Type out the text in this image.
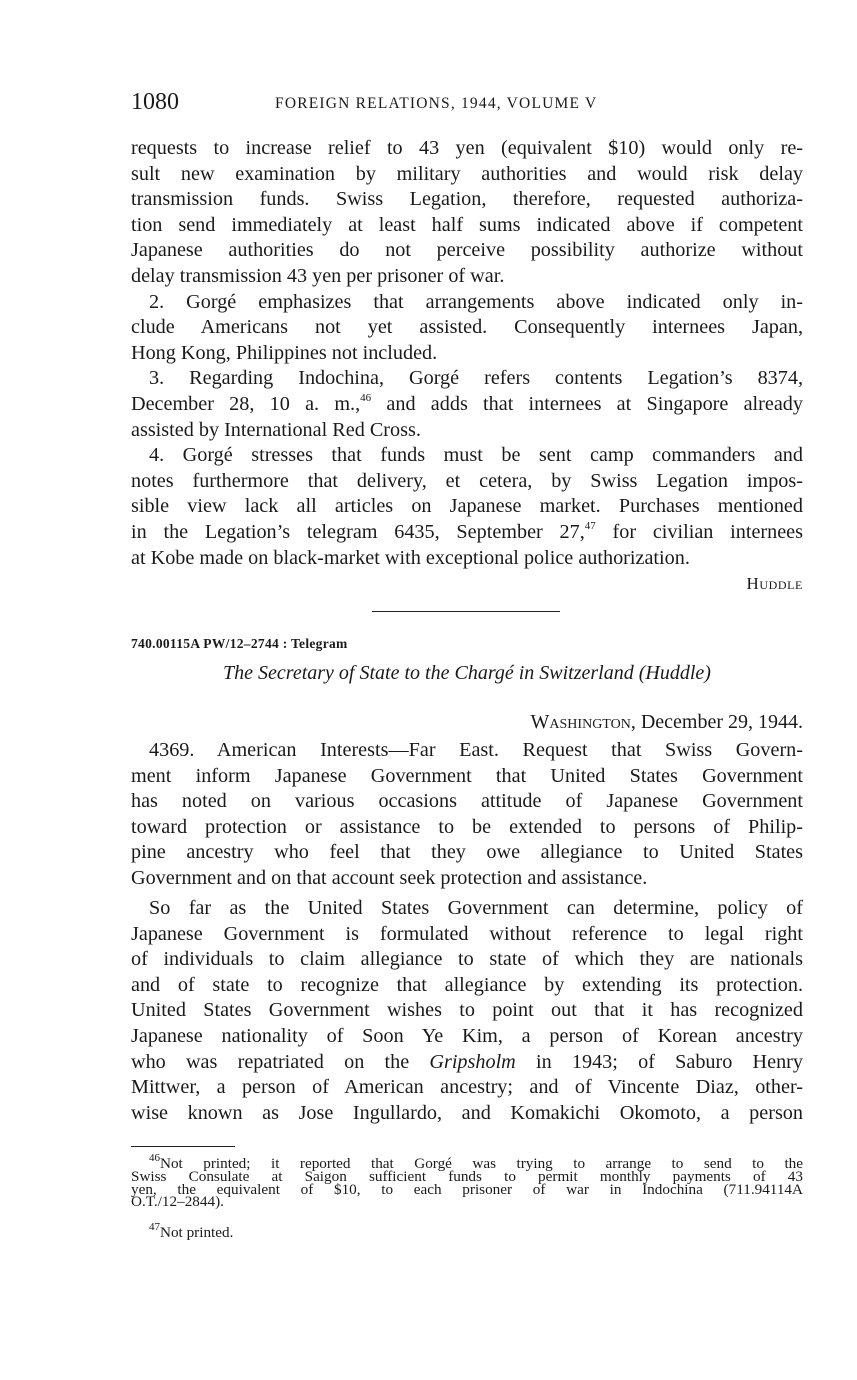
1080	FOREIGN RELATIONS, 1944, VOLUME V
requests to increase relief to 43 yen (equivalent $10) would only re-
sult new examination by military authorities and would risk delay
transmission funds. Swiss Legation, therefore, requested authoriza-
tion send immediately at least half sums indicated above if competent
Japanese authorities do not perceive possibility authorize without
delay transmission 43 yen per prisoner of war.
2. Gorgé emphasizes that arrangements above indicated only in-
clude Americans not yet assisted. Consequently internees Japan,
Hong Kong, Philippines not included.
3. Regarding Indochina, Gorgé refers contents Legation’s 8374,
December 28, 10 a. m.,$^{46}$ and adds that internees at Singapore already
assisted by International Red Cross.
4. Gorgé stresses that funds must be sent camp commanders and
notes furthermore that delivery, et cetera, by Swiss Legation impos-
sible view lack all articles on Japanese market. Purchases mentioned
in the Legation’s telegram 6435, September 27,47 for civilian internees
at Kobe made on black-market with exceptional police authorization.
Huddle
740.00115A PW/12–2744 : Telegram
The Secretary of State to the Chargé in Switzerland (Huddle)
Washington, December 29, 1944.
4369. American Interests—Far East. Request that Swiss Govern-
ment inform Japanese Government that United States Government
has noted on various occasions attitude of Japanese Government
toward protection or assistance to be extended to persons of Philip-
pine ancestry who feel that they owe allegiance to United States
Government and on that account seek protection and assistance.
So far as the United States Government can determine, policy of
Japanese Government is formulated without reference to legal right
of individuals to claim allegiance to state of which they are nationals
and of state to recognize that allegiance by extending its protection.
United States Government wishes to point out that it has recognized
Japanese nationality of Soon Ye Kim, a person of Korean ancestry
who was repatriated on the Gripsholm in 1943; of Saburo Henry
Mittwer, a person of American ancestry; and of Vincente Diaz, other-
wise known as Jose Ingullardo, and Komakichi Okomoto, a person
$^{46}$Not printed; it reported that Gorgé was trying to arrange to send to the
Swiss Consulate at Saigon sufficient funds to permit monthly payments of 43
yen, the equivalent of $10, to each prisoner of war in Indochina (711.94114A
O.T./12–2844).
$^{47}$Not printed.
